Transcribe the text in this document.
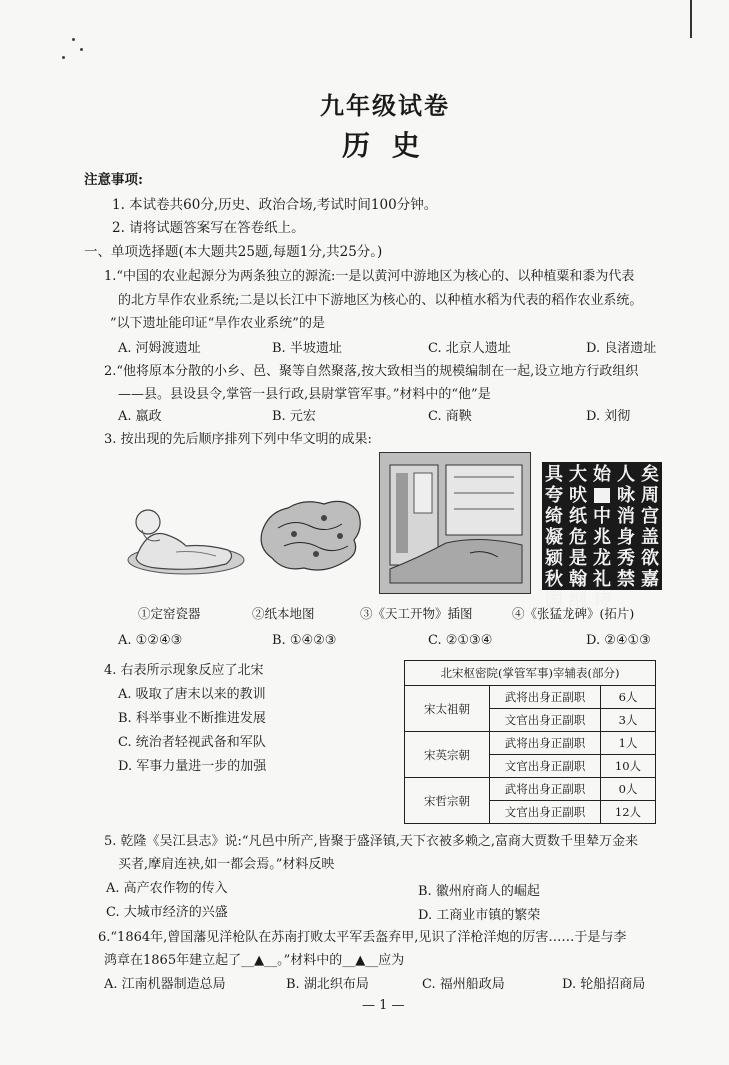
九年级试卷
历 史
注意事项:
1. 本试卷共60分,历史、政治合场,考试时间100分钟。
2. 请将试题答案写在答卷纸上。
一、单项选择题(本大题共25题,每题1分,共25分。)
1.“中国的农业起源分为两条独立的源流:一是以黄河中游地区为核心的、以种植粟和黍为代表
的北方旱作农业系统;二是以长江中下游地区为核心的、以种植水稻为代表的稻作农业系统。
”以下遗址能印证“旱作农业系统”的是
A. 河姆渡遗址	B. 半坡遗址	C. 北京人遗址	D. 良渚遗址
2.“他将原本分散的小乡、邑、聚等自然聚落,按大致相当的规模编制在一起,设立地方行政组织
——县。县设县令,掌管一县行政,县尉掌管军事。”材料中的“他”是
A. 嬴政	B. 元宏	C. 商鞅	D. 刘彻
3. 按出现的先后顺序排列下列中华文明的成果:
具 大 始 人 矣
夸 吠 咏 周
绮 纸 中 消 宫
凝 危 兆 身 盖
颍 是 龙 秀 欲
秋 翰 礼 禁 嘉
国 纲 诗
①定窑瓷器	②纸本地图	③《天工开物》插图	④《张猛龙碑》(拓片)
A. ①②④③	B. ①④②③	C. ②①③④	D. ②④①③
4. 右表所示现象反应了北宋
A. 吸取了唐末以来的教训
B. 科举事业不断推进发展
C. 统治者轻视武备和军队
D. 军事力量进一步的加强
北宋枢密院(掌管军事)宰辅表(部分)		
宋太祖朝	武将出身正副职	6人
	文官出身正副职	3人
宋英宗朝	武将出身正副职	1人
	文官出身正副职	10人
宋哲宗朝	武将出身正副职	0人
	文官出身正副职	12人
5. 乾隆《吴江县志》说:“凡邑中所产,皆聚于盛泽镇,天下衣被多赖之,富商大贾数千里辇万金来
买者,摩肩连袂,如一都会焉。”材料反映
A. 高产农作物的传入	B. 徽州府商人的崛起
C. 大城市经济的兴盛	D. 工商业市镇的繁荣
6.“1864年,曾国藩见洋枪队在苏南打败太平军丢盔弃甲,见识了洋枪洋炮的厉害……于是与李
鸿章在1865年建立起了__▲__。”材料中的__▲__应为
A. 江南机器制造总局	B. 湖北织布局	C. 福州船政局	D. 轮船招商局
— 1 —
